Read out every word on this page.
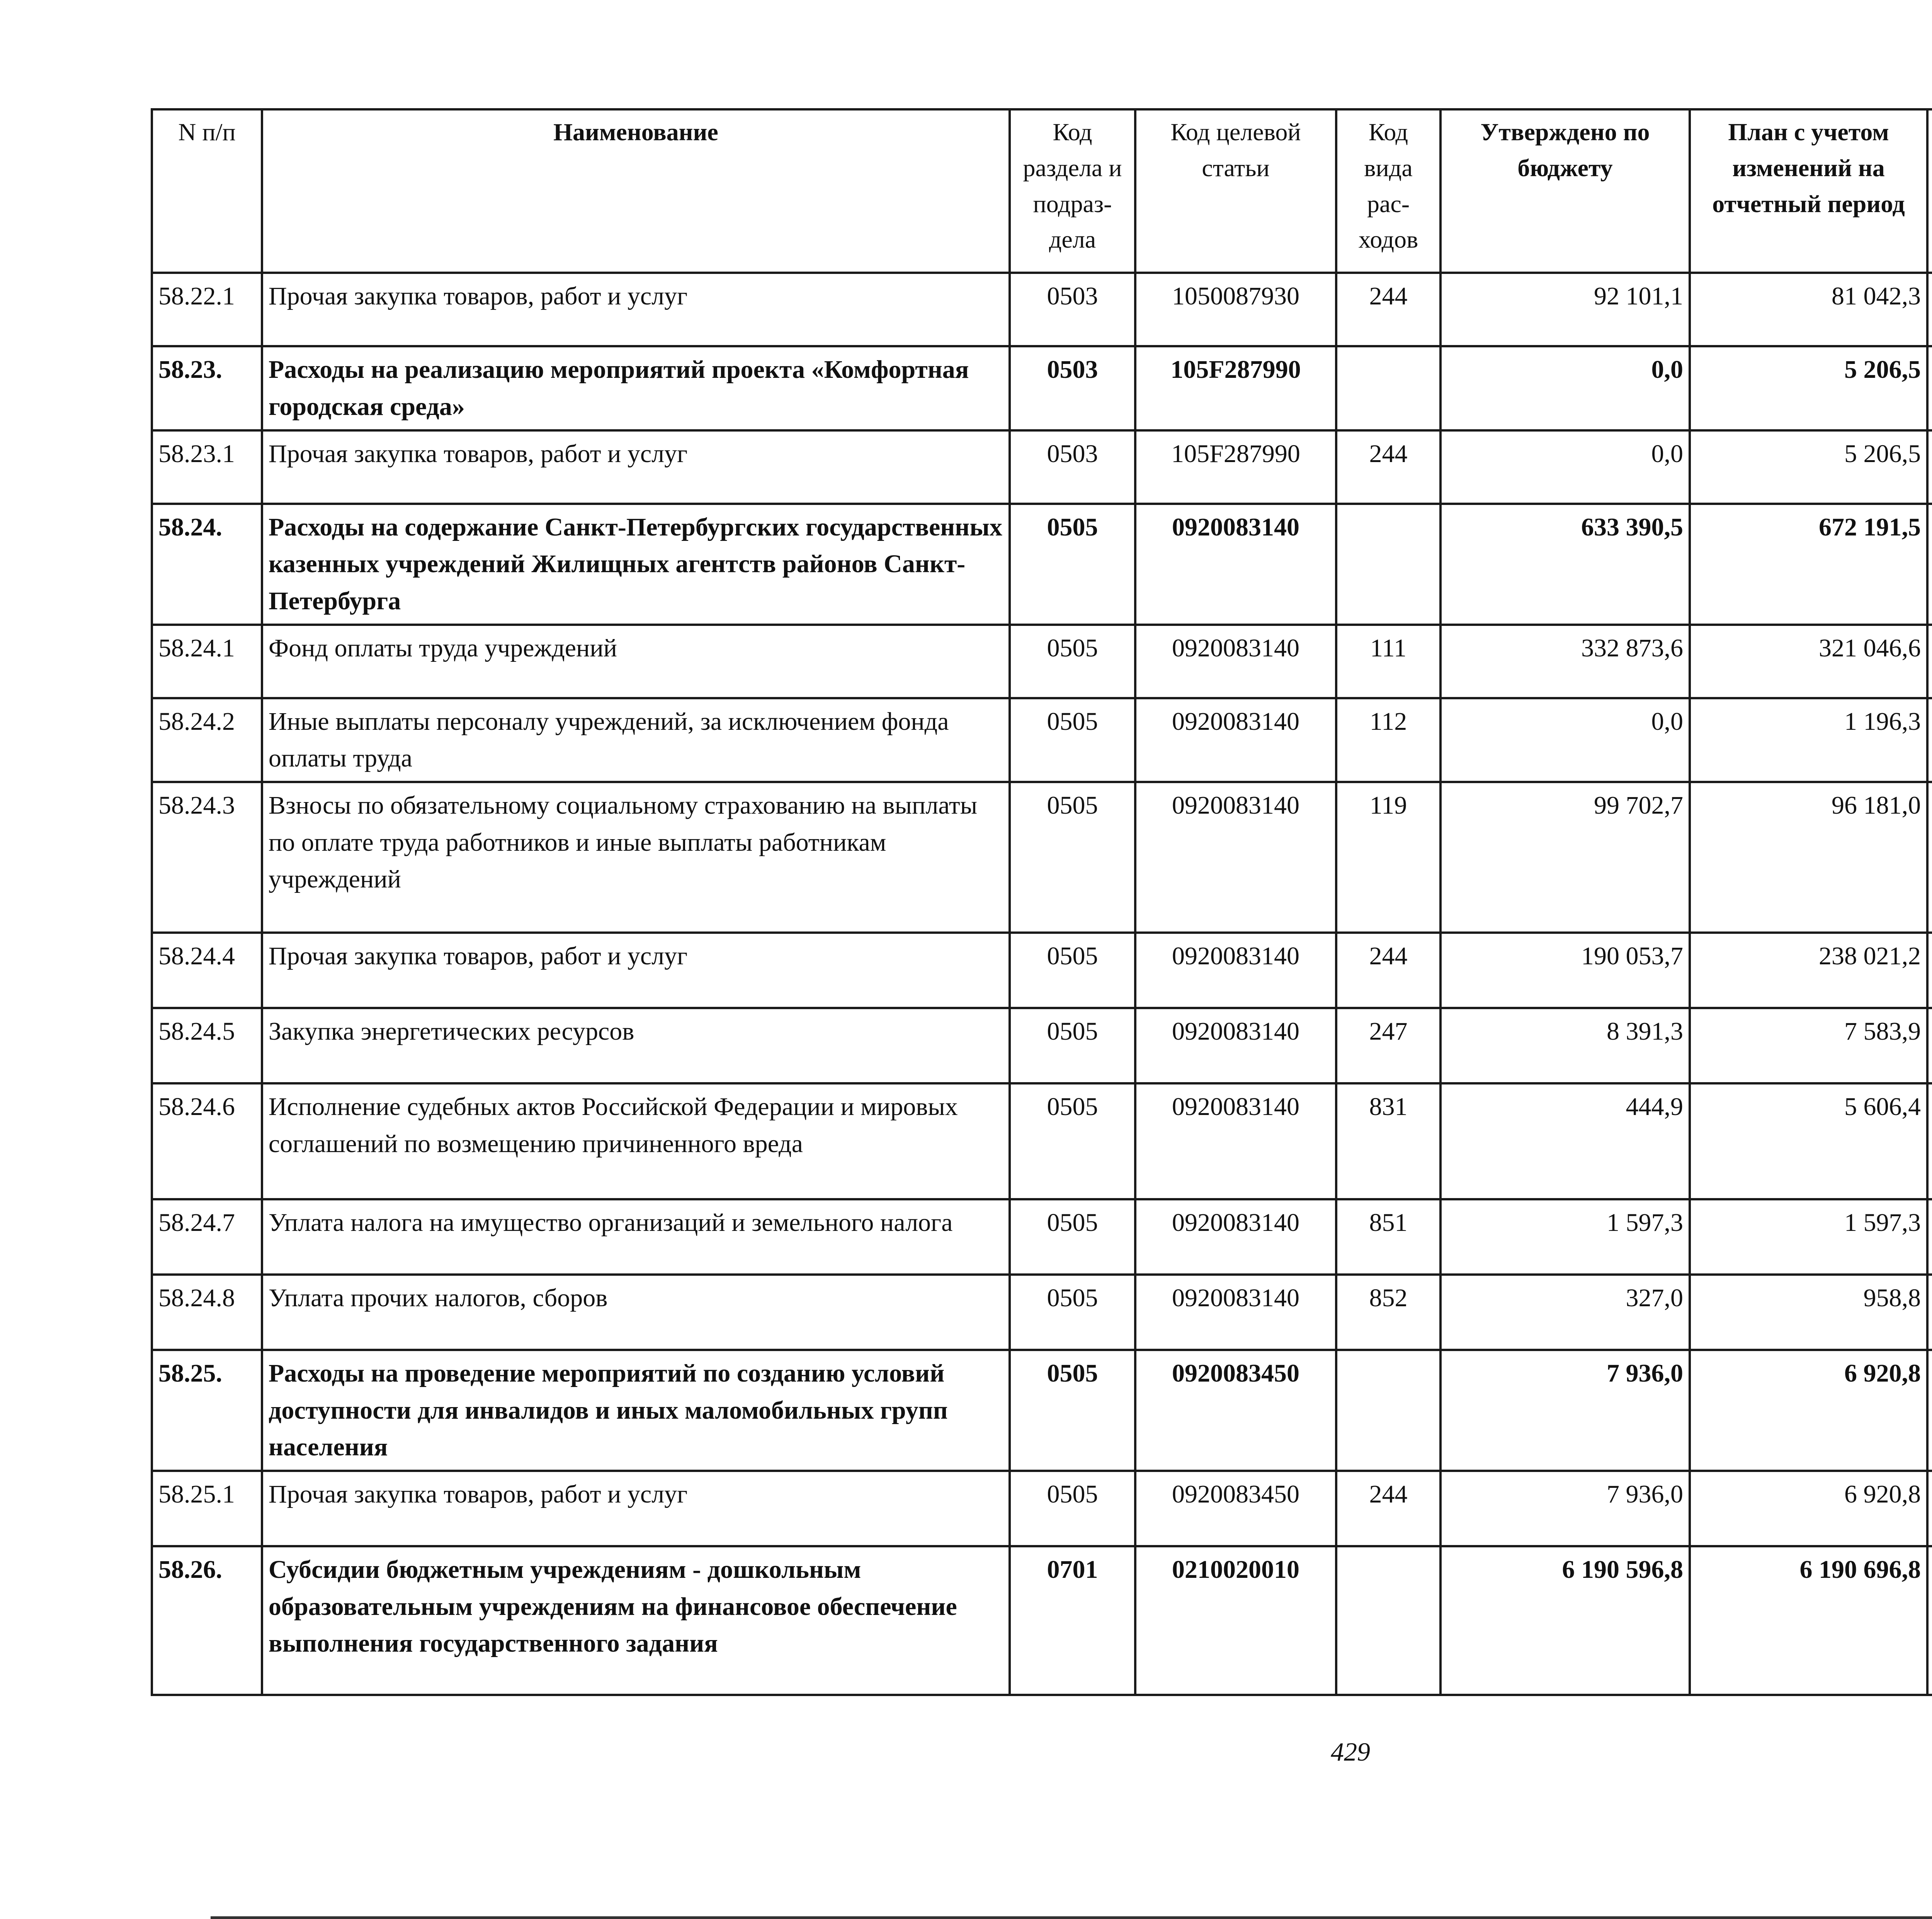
N п/п	Наименование	Код раздела и подраз- дела	Код целевой статьи	Код вида рас- ходов	Утверждено по бюджету	План с учетом изменений на отчетный период		

58.22.1	Прочая закупка товаров, работ и услуг	0503	1050087930	244	92 101,1	81 042,3			
58.23.	Расходы на реализацию мероприятий проекта «Комфортная городская среда»	0503	105F287990		0,0	5 206,5			
58.23.1	Прочая закупка товаров, работ и услуг	0503	105F287990	244	0,0	5 206,5			
58.24.	Расходы на содержание Санкт-Петербургских государственных казенных учреждений Жилищных агентств районов Санкт-Петербурга	0505	0920083140		633 390,5	672 191,5			
58.24.1	Фонд оплаты труда учреждений	0505	0920083140	111	332 873,6	321 046,6			
58.24.2	Иные выплаты персоналу учреждений, за исключением фонда оплаты труда	0505	0920083140	112	0,0	1 196,3			
58.24.3	Взносы по обязательному социальному страхованию на выплаты по оплате труда работников и иные выплаты работникам учреждений	0505	0920083140	119	99 702,7	96 181,0			
58.24.4	Прочая закупка товаров, работ и услуг	0505	0920083140	244	190 053,7	238 021,2			
58.24.5	Закупка энергетических ресурсов	0505	0920083140	247	8 391,3	7 583,9			
58.24.6	Исполнение судебных актов Российской Федерации и мировых соглашений по возмещению причиненного вреда	0505	0920083140	831	444,9	5 606,4			
58.24.7	Уплата налога на имущество организаций и земельного налога	0505	0920083140	851	1 597,3	1 597,3			
58.24.8	Уплата прочих налогов, сборов	0505	0920083140	852	327,0	958,8			
58.25.	Расходы на проведение мероприятий по созданию условий доступности для инвалидов и иных маломобильных групп населения	0505	0920083450		7 936,0	6 920,8			
58.25.1	Прочая закупка товаров, работ и услуг	0505	0920083450	244	7 936,0	6 920,8			
58.26.	Субсидии бюджетным учреждениям - дошкольным образовательным учреждениям на финансовое обеспечение выполнения государственного задания	0701	0210020010		6 190 596,8	6 190 696,8			
429
